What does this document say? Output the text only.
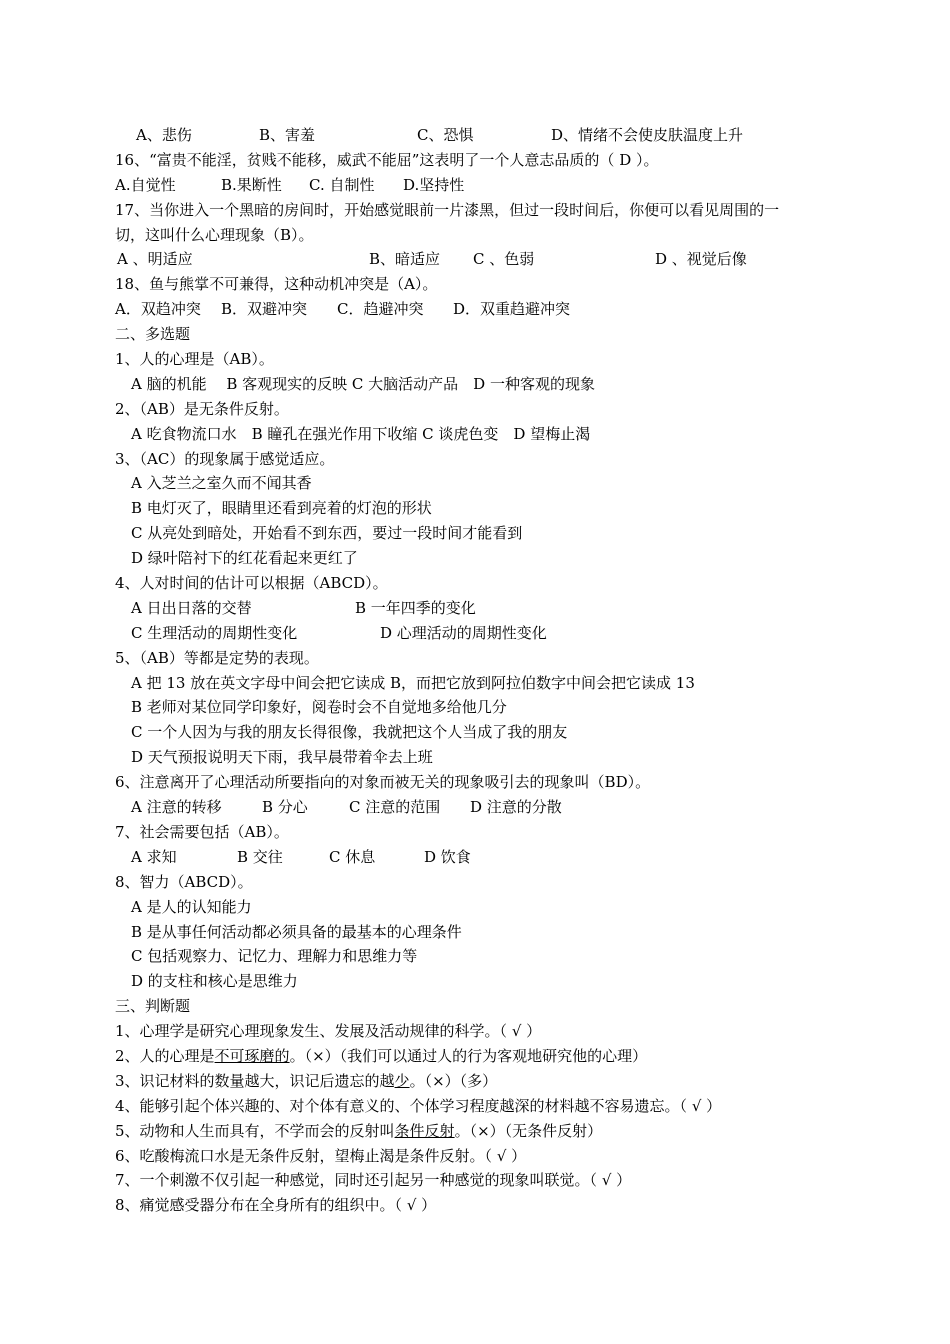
A、悲伤	B、害羞	C、恐惧	D、情绪不会使皮肤温度上升
16、“富贵不能淫，贫贱不能移，威武不能屈”这表明了一个人意志品质的（ D ）。
A.自觉性	B.果断性 C. 自制性 D.坚持性
17、当你进入一个黑暗的房间时，开始感觉眼前一片漆黑，但过一段时间后，你便可以看见周围的一
切，这叫什么心理现象（B）。
A 、明适应	B、暗适应 C 、色弱	D 、视觉后像
18、鱼与熊掌不可兼得，这种动机冲突是（A）。
A．双趋冲突 B．双避冲突 C．趋避冲突 D．双重趋避冲突
二、多选题
1、人的心理是（AB）。
A 脑的机能　 B 客观现实的反映 C 大脑活动产品　D 一种客观的现象
2、（AB）是无条件反射。
A 吃食物流口水　B 瞳孔在强光作用下收缩 C 谈虎色变　D 望梅止渴
3、（AC）的现象属于感觉适应。
A 入芝兰之室久而不闻其香
B 电灯灭了，眼睛里还看到亮着的灯泡的形状
C 从亮处到暗处，开始看不到东西，要过一段时间才能看到
D 绿叶陪衬下的红花看起来更红了
4、人对时间的估计可以根据（ABCD）。
A 日出日落的交替	B 一年四季的变化
C 生理活动的周期性变化	D 心理活动的周期性变化
5、（AB）等都是定势的表现。
A 把 13 放在英文字母中间会把它读成 B，而把它放到阿拉伯数字中间会把它读成 13
B 老师对某位同学印象好，阅卷时会不自觉地多给他几分
C 一个人因为与我的朋友长得很像，我就把这个人当成了我的朋友
D 天气预报说明天下雨，我早晨带着伞去上班
6、注意离开了心理活动所要指向的对象而被无关的现象吸引去的现象叫（BD）。
A 注意的转移	B 分心	C 注意的范围 D 注意的分散
7、社会需要包括（AB）。
A 求知	B 交往	C 休息	D 饮食
8、智力（ABCD）。
A 是人的认知能力
B 是从事任何活动都必须具备的最基本的心理条件
C 包括观察力、记忆力、理解力和思维力等
D 的支柱和核心是思维力
三、判断题
1、心理学是研究心理现象发生、发展及活动规律的科学。（ √ ）
2、人的心理是不可琢磨的。（×）（我们可以通过人的行为客观地研究他的心理）
3、识记材料的数量越大，识记后遗忘的越少。（×）（多）
4、能够引起个体兴趣的、对个体有意义的、个体学习程度越深的材料越不容易遗忘。（ √ ）
5、动物和人生而具有，不学而会的反射叫条件反射。（×）（无条件反射）
6、吃酸梅流口水是无条件反射，望梅止渴是条件反射。（ √ ）
7、一个刺激不仅引起一种感觉，同时还引起另一种感觉的现象叫联觉。（ √ ）
8、痛觉感受器分布在全身所有的组织中。（ √ ）
